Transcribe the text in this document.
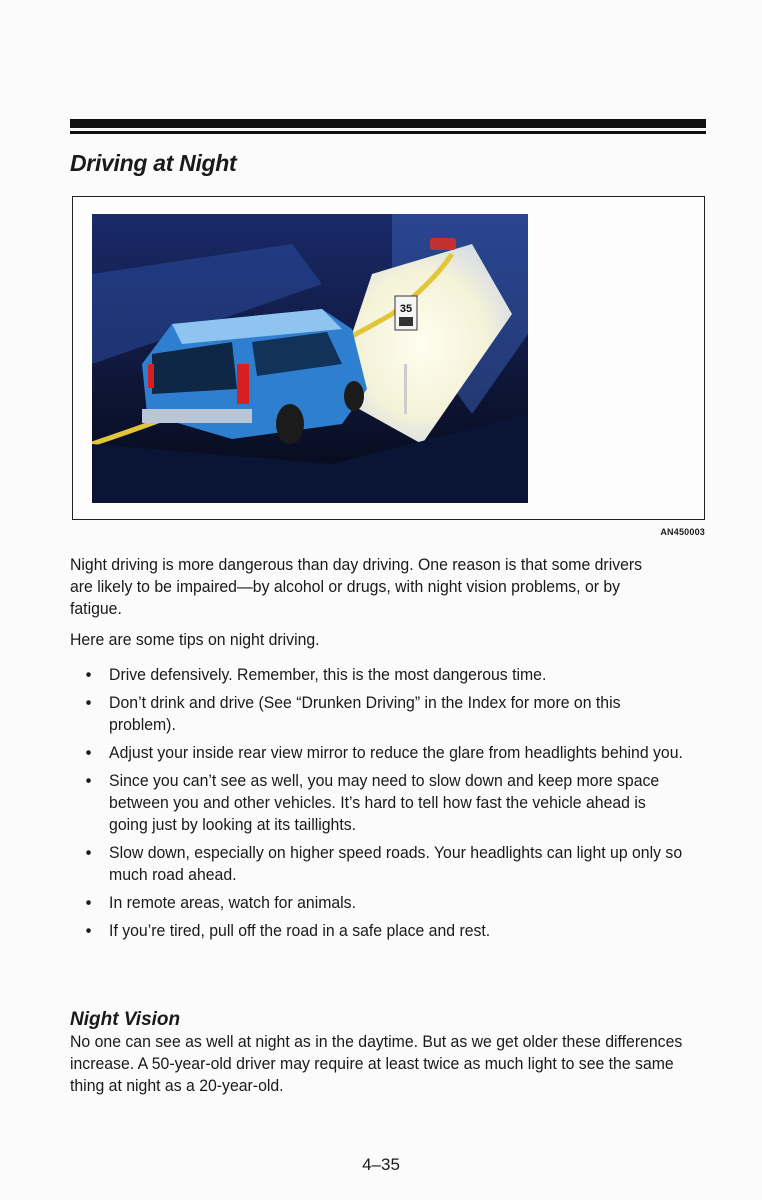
Driving at Night
35
AN450003

Night driving is more dangerous than day driving. One reason is that some drivers are likely to be impaired—by alcohol or drugs, with night vision problems, or by fatigue.

Here are some tips on night driving.

• Drive defensively. Remember, this is the most dangerous time.
• Don’t drink and drive (See “Drunken Driving” in the Index for more on this problem).
• Adjust your inside rear view mirror to reduce the glare from headlights behind you.
• Since you can’t see as well, you may need to slow down and keep more space between you and other vehicles. It’s hard to tell how fast the vehicle ahead is going just by looking at its taillights.
• Slow down, especially on higher speed roads. Your headlights can light up only so much road ahead.
• In remote areas, watch for animals.
• If you’re tired, pull off the road in a safe place and rest.
Night Vision

No one can see as well at night as in the daytime. But as we get older these differences increase. A 50-year-old driver may require at least twice as much light to see the same thing at night as a 20-year-old.

4–35
